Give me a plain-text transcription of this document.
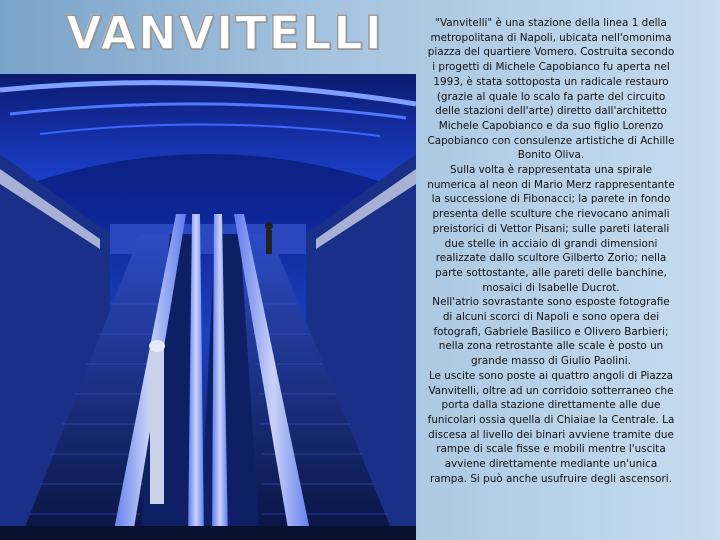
VANVITELLI	"Vanvitelli" è una stazione della linea 1 della metropolitana di Napoli, ubicata nell'omonima piazza del quartiere Vomero. Costruita secondo i progetti di Michele Capobianco fu aperta nel 1993, è stata sottoposta un radicale restauro (grazie al quale lo scalo fa parte del circuito delle stazioni dell'arte) diretto dall'architetto Michele Capobianco e da suo figlio Lorenzo Capobianco con consulenze artistiche di Achille Bonito Oliva.

Sulla volta è rappresentata una spirale numerica al neon di Mario Merz rappresentante la successione di Fibonacci; la parete in fondo presenta delle sculture che rievocano animali preistorici di Vettor Pisani; sulle pareti laterali due stelle in acciaio di grandi dimensioni realizzate dallo scultore Gilberto Zorio; nella parte sottostante, alle pareti delle banchine, mosaici di Isabelle Ducrot.

Nell'atrio sovrastante sono esposte fotografie di alcuni scorci di Napoli e sono opera dei fotografi, Gabriele Basilico e Olivero Barbieri; nella zona retrostante alle scale è posto un grande masso di Giulio Paolini.

Le uscite sono poste ai quattro angoli di Piazza Vanvitelli, oltre ad un corridoio sotterraneo che porta dalla stazione direttamente alle due funicolari ossia quella di Chiaiae la Centrale. La discesa al livello dei binari avviene tramite due rampe di scale fisse e mobili mentre l'uscita avviene direttamente mediante un'unica rampa. Si può anche usufruire degli ascensori.
